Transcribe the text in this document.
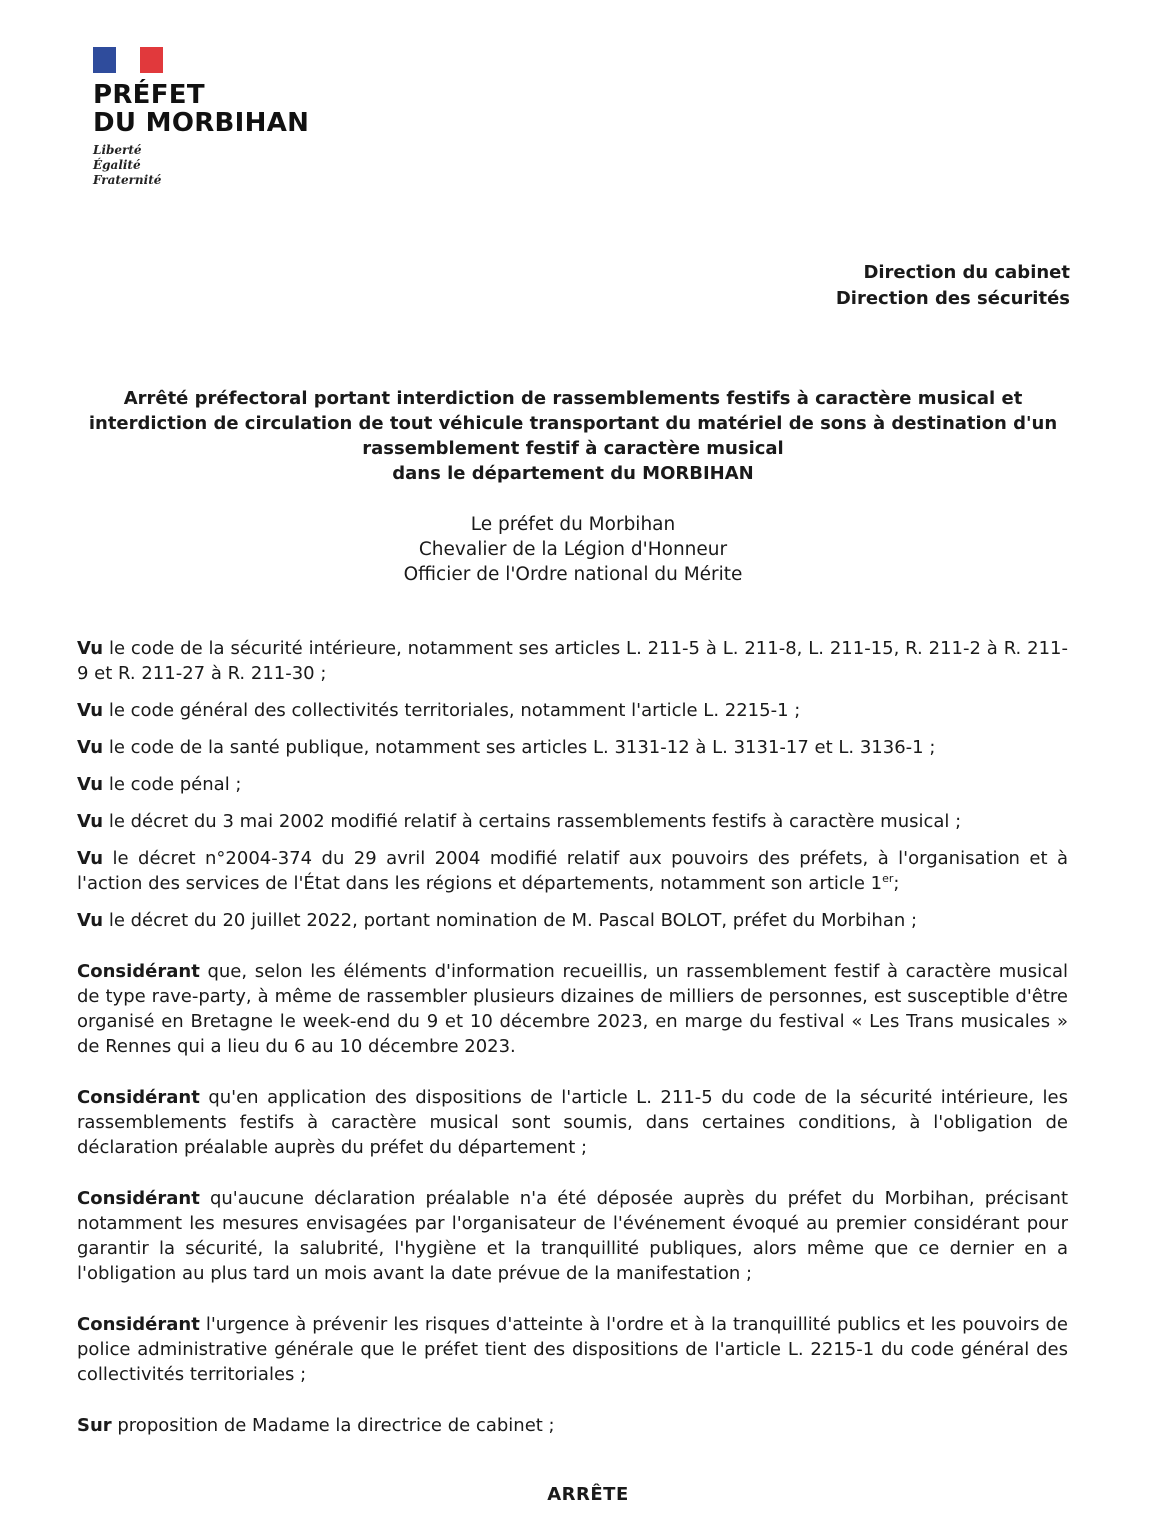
PRÉFET
DU MORBIHAN
Liberté
Égalité
Fraternité
Direction du cabinet
Direction des sécurités
Arrêté préfectoral portant interdiction de rassemblements festifs à caractère musical et
interdiction de circulation de tout véhicule transportant du matériel de sons à destination d'un
rassemblement festif à caractère musical
dans le département du MORBIHAN
Le préfet du Morbihan
Chevalier de la Légion d'Honneur
Officier de l'Ordre national du Mérite

Vu le code de la sécurité intérieure, notamment ses articles L. 211-5 à L. 211-8, L. 211-15, R. 211-2 à R. 211-9 et R. 211-27 à R. 211-30 ;

Vu le code général des collectivités territoriales, notamment l'article L. 2215-1 ;

Vu le code de la santé publique, notamment ses articles L. 3131-12 à L. 3131-17 et L. 3136-1 ;

Vu le code pénal ;

Vu le décret du 3 mai 2002 modifié relatif à certains rassemblements festifs à caractère musical ;

Vu le décret n°2004-374 du 29 avril 2004 modifié relatif aux pouvoirs des préfets, à l'organisation et à l'action des services de l'État dans les régions et départements, notamment son article 1er;

Vu le décret du 20 juillet 2022, portant nomination de M. Pascal BOLOT, préfet du Morbihan ;

Considérant que, selon les éléments d'information recueillis, un rassemblement festif à caractère musical de type rave-party, à même de rassembler plusieurs dizaines de milliers de personnes, est susceptible d'être organisé en Bretagne le week-end du 9 et 10 décembre 2023, en marge du festival « Les Trans musicales » de Rennes qui a lieu du 6 au 10 décembre 2023.

Considérant qu'en application des dispositions de l'article L. 211-5 du code de la sécurité intérieure, les rassemblements festifs à caractère musical sont soumis, dans certaines conditions, à l'obligation de déclaration préalable auprès du préfet du département ;

Considérant qu'aucune déclaration préalable n'a été déposée auprès du préfet du Morbihan, précisant notamment les mesures envisagées par l'organisateur de l'événement évoqué au premier considérant pour garantir la sécurité, la salubrité, l'hygiène et la tranquillité publiques, alors même que ce dernier en a l'obligation au plus tard un mois avant la date prévue de la manifestation ;

Considérant l'urgence à prévenir les risques d'atteinte à l'ordre et à la tranquillité publics et les pouvoirs de police administrative générale que le préfet tient des dispositions de l'article L. 2215-1 du code général des collectivités territoriales ;

Sur proposition de Madame la directrice de cabinet ;

ARRÊTE
